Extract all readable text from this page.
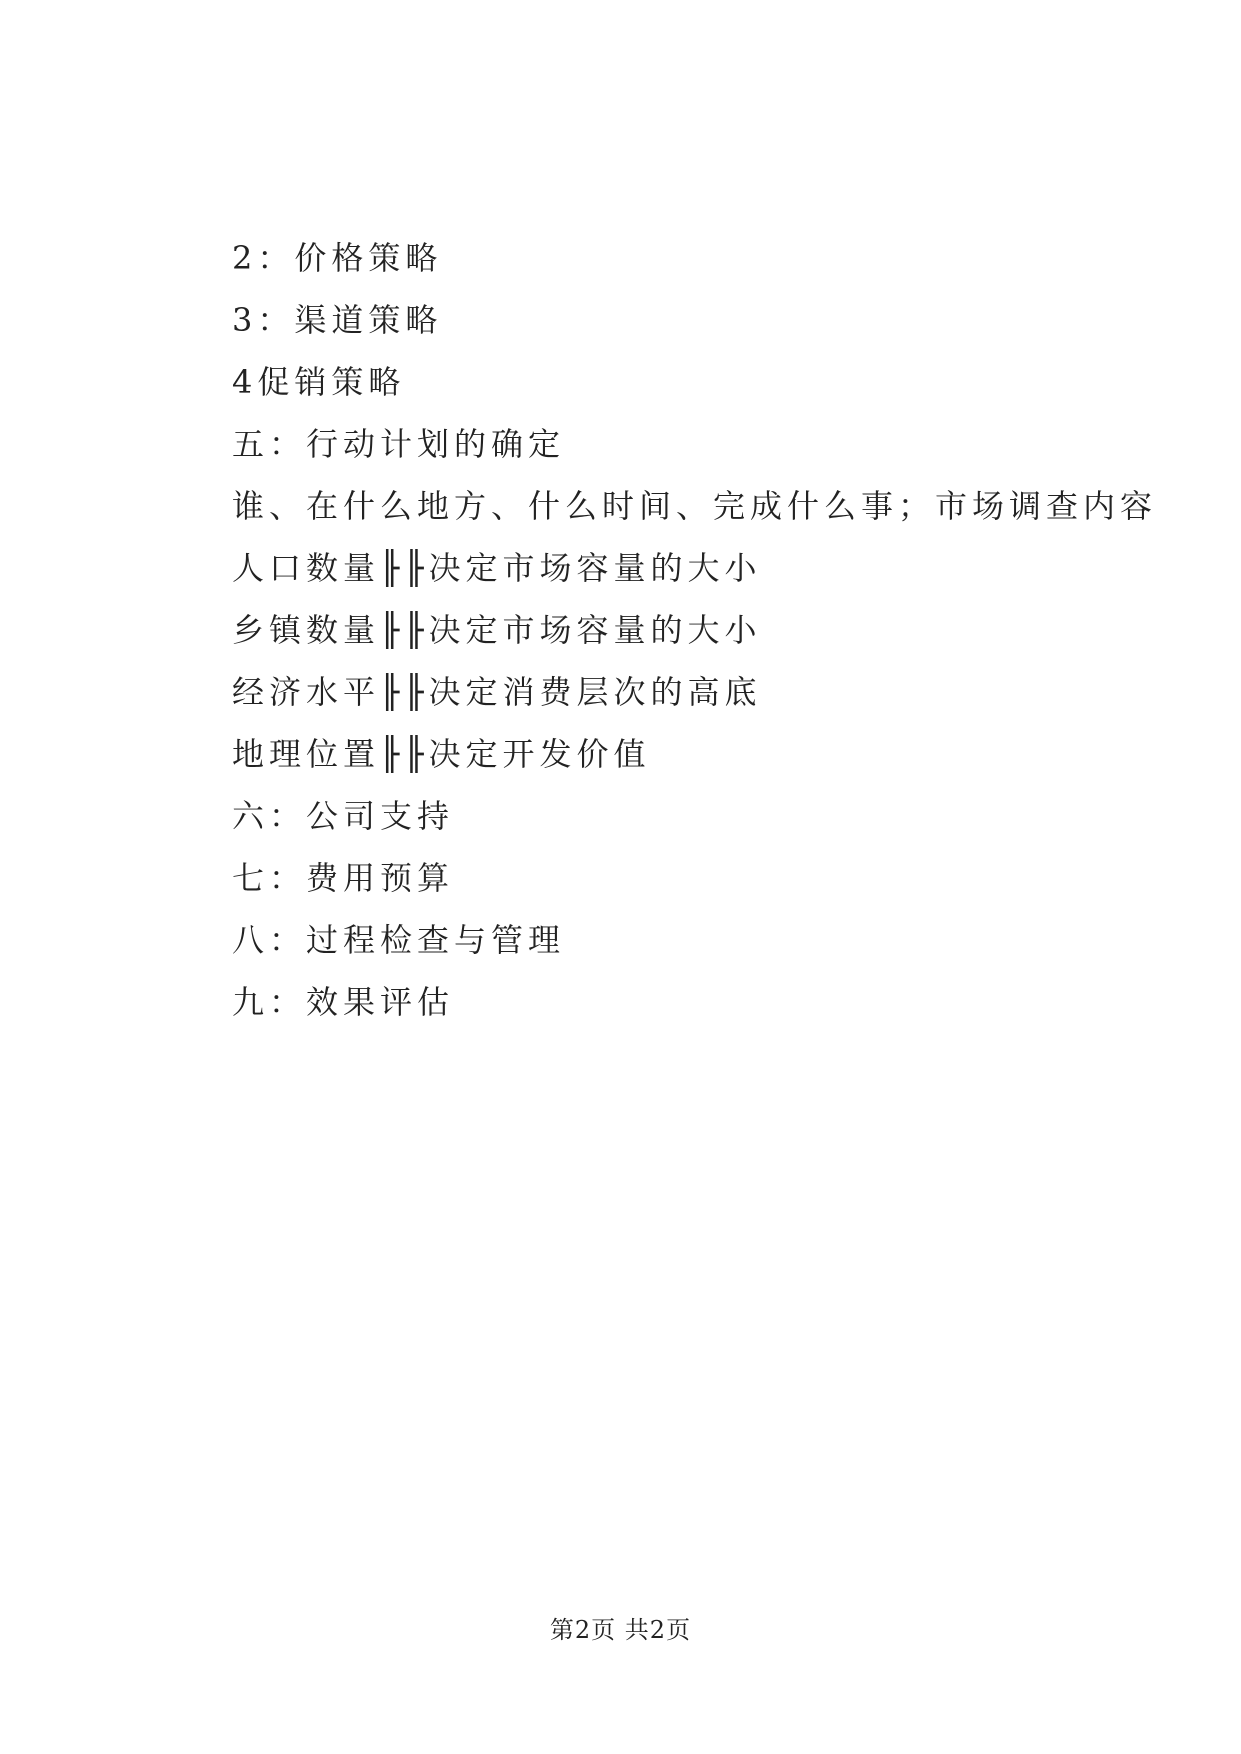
2：价格策略
3：渠道策略
4促销策略
五：行动计划的确定
谁、在什么地方、什么时间、完成什么事；市场调查内容
人口数量╟╟决定市场容量的大小
乡镇数量╟╟决定市场容量的大小
经济水平╟╟决定消费层次的高底
地理位置╟╟决定开发价值
六：公司支持
七：费用预算
八：过程检查与管理
九：效果评估
第2页 共2页
